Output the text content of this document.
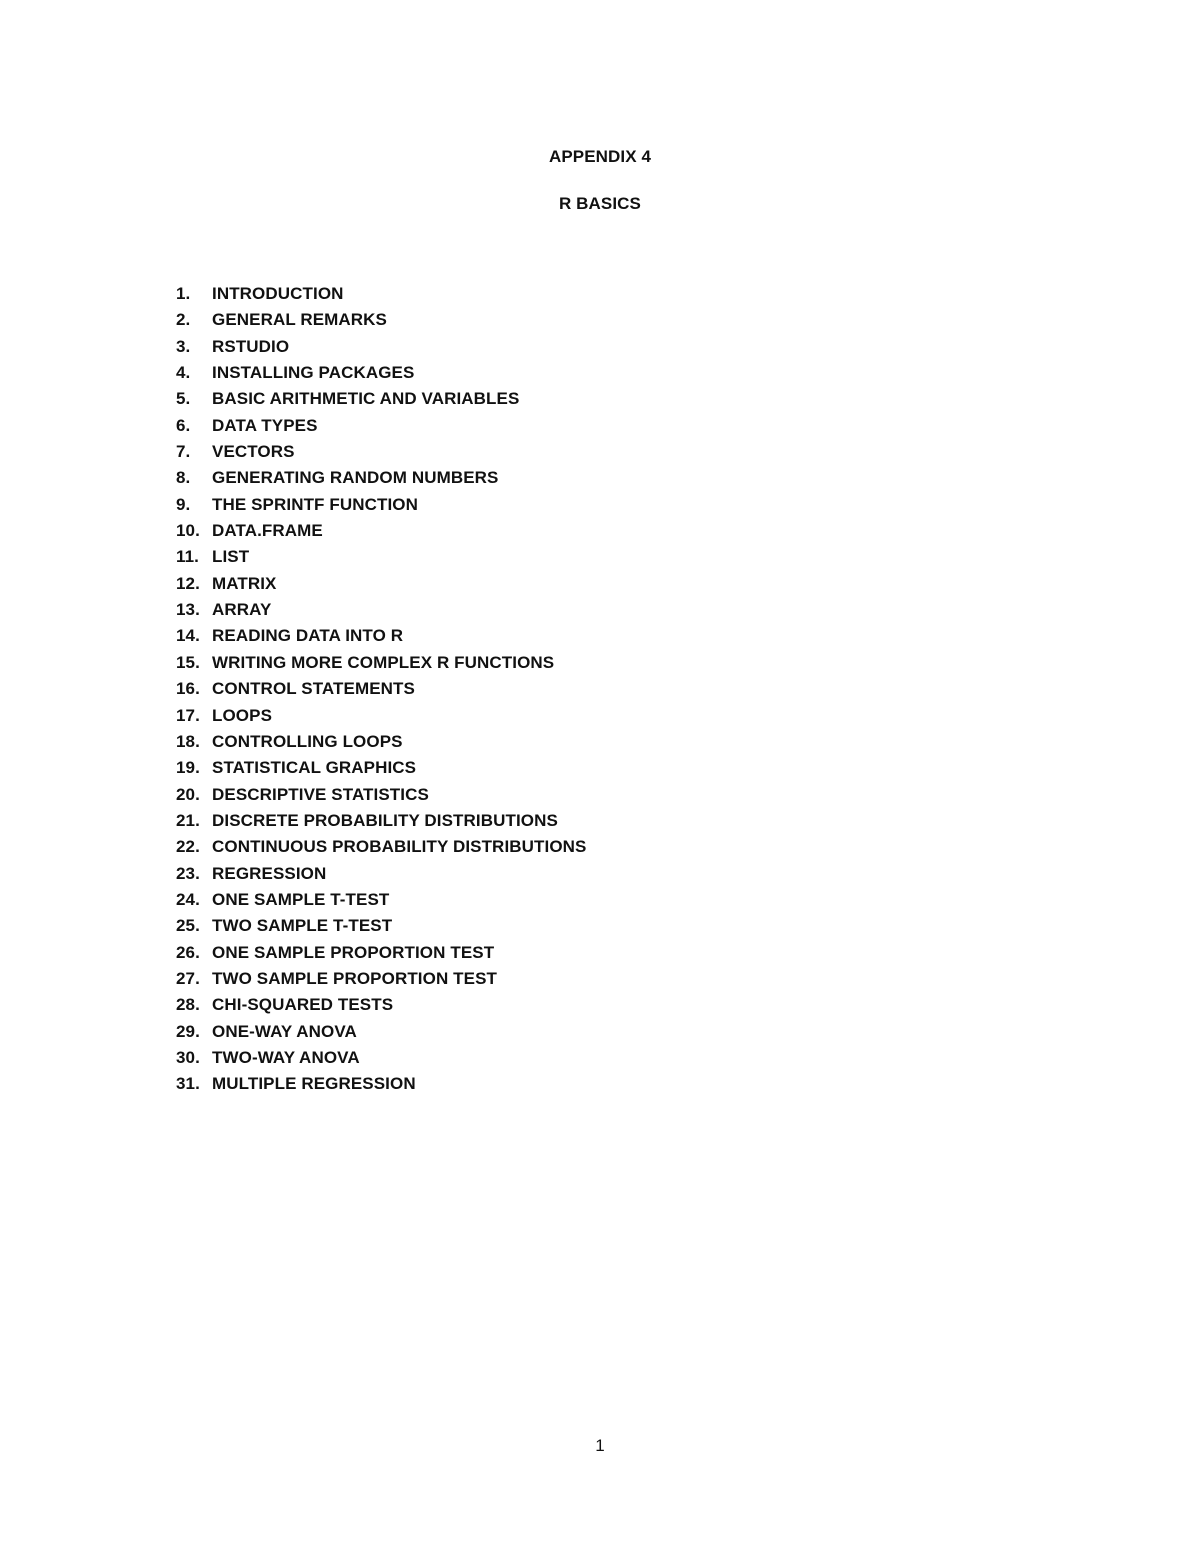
APPENDIX 4
R BASICS
1.	INTRODUCTION
2.	GENERAL REMARKS
3.	RSTUDIO
4.	INSTALLING PACKAGES
5.	BASIC ARITHMETIC AND VARIABLES
6.	DATA TYPES
7.	VECTORS
8.	GENERATING RANDOM NUMBERS
9.	THE SPRINTF FUNCTION
10. DATA.FRAME
11. LIST
12. MATRIX
13. ARRAY
14. READING DATA INTO R
15. WRITING MORE COMPLEX R FUNCTIONS
16. CONTROL STATEMENTS
17. LOOPS
18. CONTROLLING LOOPS
19. STATISTICAL GRAPHICS
20. DESCRIPTIVE STATISTICS
21. DISCRETE PROBABILITY DISTRIBUTIONS
22. CONTINUOUS PROBABILITY DISTRIBUTIONS
23. REGRESSION
24. ONE SAMPLE T-TEST
25. TWO SAMPLE T-TEST
26. ONE SAMPLE PROPORTION TEST
27. TWO SAMPLE PROPORTION TEST
28. CHI-SQUARED TESTS
29. ONE-WAY ANOVA
30. TWO-WAY ANOVA
31. MULTIPLE REGRESSION
1
